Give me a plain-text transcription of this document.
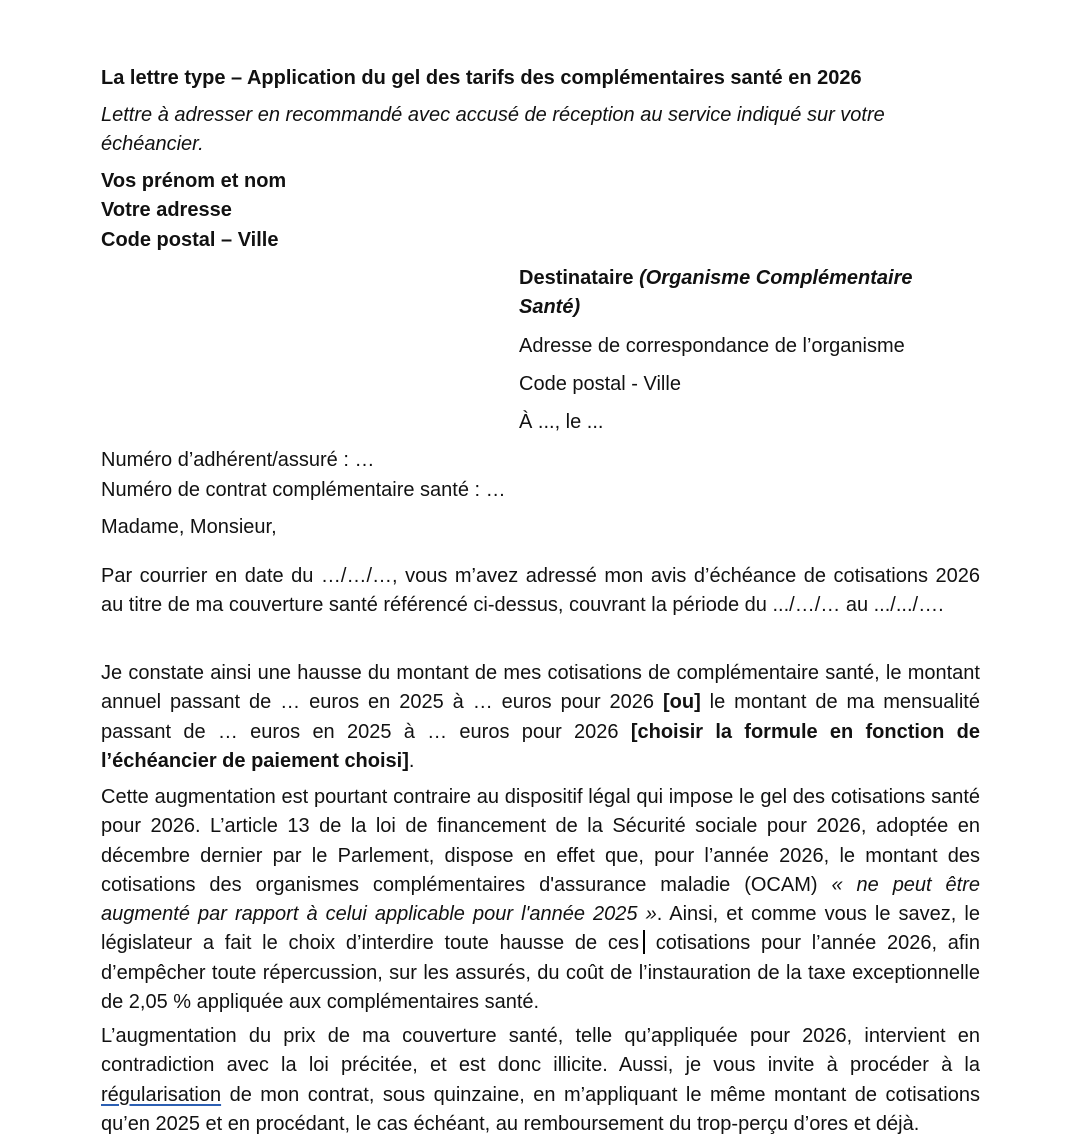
La lettre type – Application du gel des tarifs des complémentaires santé en 2026
Lettre à adresser en recommandé avec accusé de réception au service indiqué sur votre
échéancier.
Vos prénom et nom
Votre adresse
Code postal – Ville
Destinataire (Organisme Complémentaire
Santé)
Adresse de correspondance de l’organisme
Code postal - Ville
À ..., le ...
Numéro d’adhérent/assuré : …
Numéro de contrat complémentaire santé : …
Madame, Monsieur,
Par courrier en date du …/…/…, vous m’avez adressé mon avis d’échéance de cotisations 2026 au titre de ma couverture santé référencé ci-dessus, couvrant la période du .../…/… au .../.../….
Je constate ainsi une hausse du montant de mes cotisations de complémentaire santé, le montant annuel passant de … euros en 2025 à … euros pour 2026 [ou] le montant de ma mensualité passant de … euros en 2025 à … euros pour 2026 [choisir la formule en fonction de l’échéancier de paiement choisi].
Cette augmentation est pourtant contraire au dispositif légal qui impose le gel des cotisations santé pour 2026. L’article 13 de la loi de financement de la Sécurité sociale pour 2026, adoptée en décembre dernier par le Parlement, dispose en effet que, pour l’année 2026, le montant des cotisations des organismes complémentaires d'assurance maladie (OCAM) « ne peut être augmenté par rapport à celui applicable pour l'année 2025 ». Ainsi, et comme vous le savez, le législateur a fait le choix d’interdire toute hausse de ces cotisations pour l’année 2026, afin d’empêcher toute répercussion, sur les assurés, du coût de l’instauration de la taxe exceptionnelle de 2,05 % appliquée aux complémentaires santé.
L’augmentation du prix de ma couverture santé, telle qu’appliquée pour 2026, intervient en contradiction avec la loi précitée, et est donc illicite. Aussi, je vous invite à procéder à la régularisation de mon contrat, sous quinzaine, en m’appliquant le même montant de cotisations qu’en 2025 et en procédant, le cas échéant, au remboursement du trop-perçu d’ores et déjà.
